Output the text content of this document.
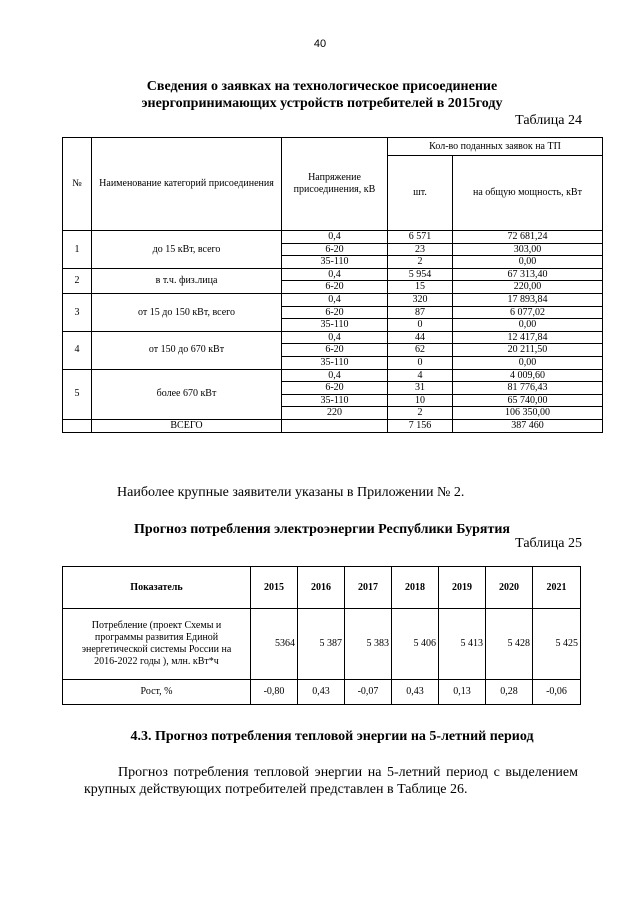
40
Сведения о заявках на технологическое присоединение
энергопринимающих устройств потребителей в 2015году
Таблица 24
№	Наименование категорий присоединения	Напряжение присоединения, кВ	Кол-во поданных заявок на ТП	
			шт.	на общую мощность, кВт
1	до 15 кВт, всего	0,4	6 571	72 681,24
		6-20	23	303,00
		35-110	2	0,00
2	в т.ч. физ.лица	0,4	5 954	67 313,40
		6-20	15	220,00
3	от 15 до 150 кВт, всего	0,4	320	17 893,84
		6-20	87	6 077,02
		35-110	0	0,00
4	от 150 до 670 кВт	0,4	44	12 417,84
		6-20	62	20 211,50
		35-110	0	0,00
5	более 670 кВт	0,4	4	4 009,60
		6-20	31	81 776,43
		35-110	10	65 740,00
		220	2	106 350,00
	ВСЕГО		7 156	387 460
Наиболее крупные заявители указаны в Приложении № 2.
Прогноз потребления электроэнергии Республики Бурятия
Таблица 25
Показатель	2015	2016	2017	2018	2019	2020	2021
Потребление (проект Схемы и программы развития Единой энергетической системы России на 2016-2022 годы ), млн. кВт*ч	5364	5 387	5 383	5 406	5 413	5 428	5 425
Рост, %	-0,80	0,43	-0,07	0,43	0,13	0,28	-0,06
4.3. Прогноз потребления тепловой энергии на 5-летний период
Прогноз потребления тепловой энергии на 5-летний период с выделением крупных действующих потребителей представлен в Таблице 26.
